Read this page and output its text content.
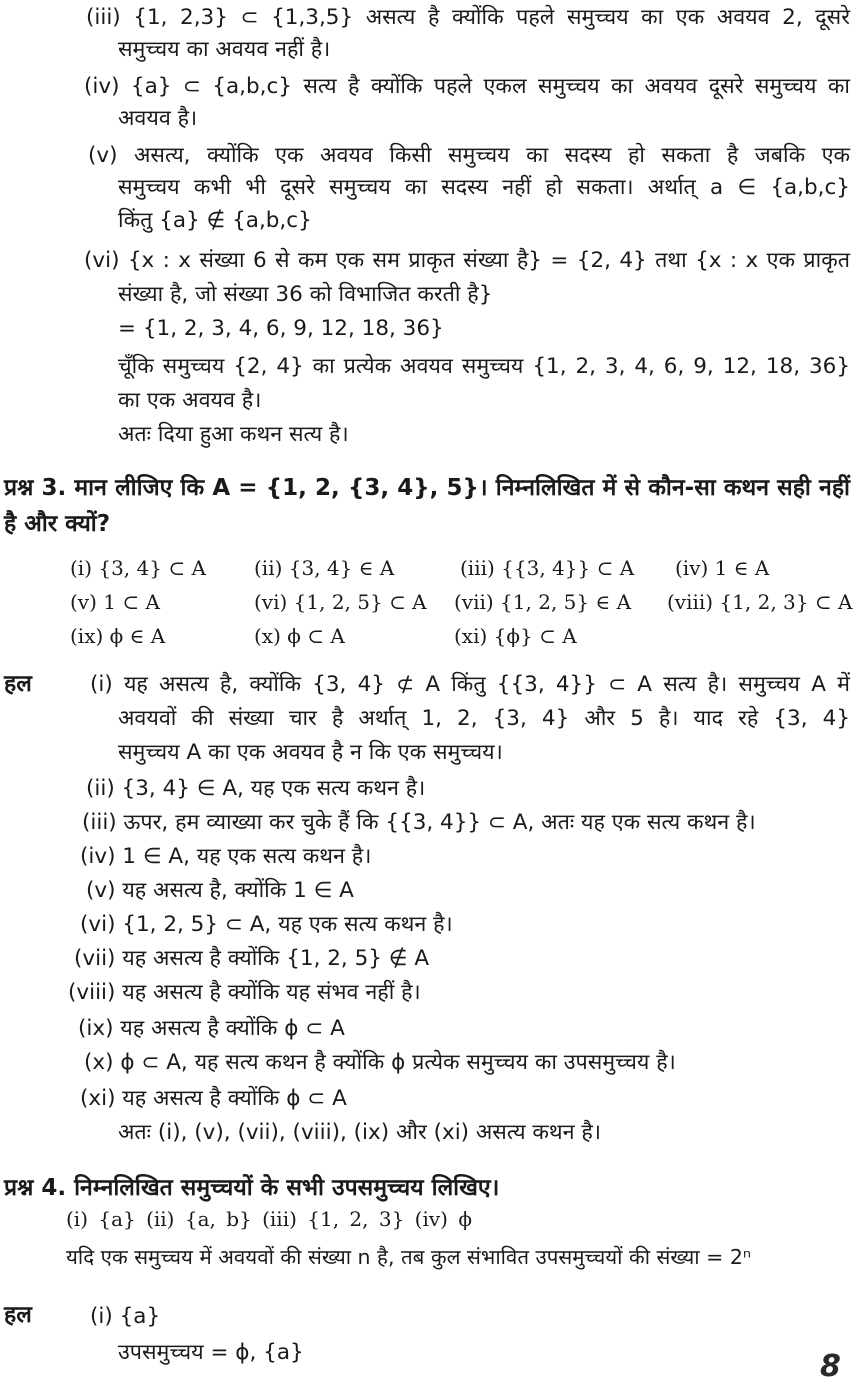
(iii) {1, 2,3} ⊂ {1,3,5} असत्य है क्योंकि पहले समुच्चय का एक अवयव 2, दूसरे
समुच्चय का अवयव नहीं है।
(iv) {a} ⊂ {a,b,c} सत्य है क्योंकि पहले एकल समुच्चय का अवयव दूसरे समुच्चय का
अवयव है।
(v) असत्य, क्योंकि एक अवयव किसी समुच्चय का सदस्य हो सकता है जबकि एक
समुच्चय कभी भी दूसरे समुच्चय का सदस्य नहीं हो सकता। अर्थात् a ∈ {a,b,c}
किंतु {a} ∉ {a,b,c}
(vi) {x : x संख्या 6 से कम एक सम प्राकृत संख्या है} = {2, 4} तथा {x : x एक प्राकृत
संख्या है, जो संख्या 36 को विभाजित करती है}
= {1, 2, 3, 4, 6, 9, 12, 18, 36}
चूँकि समुच्चय {2, 4} का प्रत्येक अवयव समुच्चय {1, 2, 3, 4, 6, 9, 12, 18, 36}
का एक अवयव है।
अतः दिया हुआ कथन सत्य है।
प्रश्न 3. मान लीजिए कि A = {1, 2, {3, 4}, 5}। निम्नलिखित में से कौन-सा कथन सही नहीं
है और क्यों?
(i) {3, 4} ⊂ A (ii) {3, 4} ∈ A	(iii) {{3, 4}} ⊂ A (iv) 1 ∈ A
(v) 1 ⊂ A	(vi) {1, 2, 5} ⊂ A (vii) {1, 2, 5} ∈ A (viii) {1, 2, 3} ⊂ A
(ix) ϕ ∈ A	(x) ϕ ⊂ A	(xi) {ϕ} ⊂ A
हल	(i) यह असत्य है, क्योंकि {3, 4} ⊄ A किंतु {{3, 4}} ⊂ A सत्य है। समुच्चय A में
अवयवों की संख्या चार है अर्थात् 1, 2, {3, 4} और 5 है। याद रहे {3, 4}
समुच्चय A का एक अवयव है न कि एक समुच्चय।
(ii) {3, 4} ∈ A, यह एक सत्य कथन है।
(iii) ऊपर, हम व्याख्या कर चुके हैं कि {{3, 4}} ⊂ A, अतः यह एक सत्य कथन है।
(iv) 1 ∈ A, यह एक सत्य कथन है।
(v) यह असत्य है, क्योंकि 1 ∈ A
(vi) {1, 2, 5} ⊂ A, यह एक सत्य कथन है।
(vii) यह असत्य है क्योंकि {1, 2, 5} ∉ A
(viii) यह असत्य है क्योंकि यह संभव नहीं है।
(ix) यह असत्य है क्योंकि ϕ ⊂ A
(x) ϕ ⊂ A, यह सत्य कथन है क्योंकि ϕ प्रत्येक समुच्चय का उपसमुच्चय है।
(xi) यह असत्य है क्योंकि ϕ ⊂ A
अतः (i), (v), (vii), (viii), (ix) और (xi) असत्य कथन है।
प्रश्न 4. निम्नलिखित समुच्चयों के सभी उपसमुच्चय लिखिए।
(i) {a} (ii) {a, b} (iii) {1, 2, 3} (iv) ϕ
यदि एक समुच्चय में अवयवों की संख्या n है, तब कुल संभावित उपसमुच्चयों की संख्या = 2ⁿ
हल	(i) {a}
उपसमुच्चय = ϕ, {a}	8
